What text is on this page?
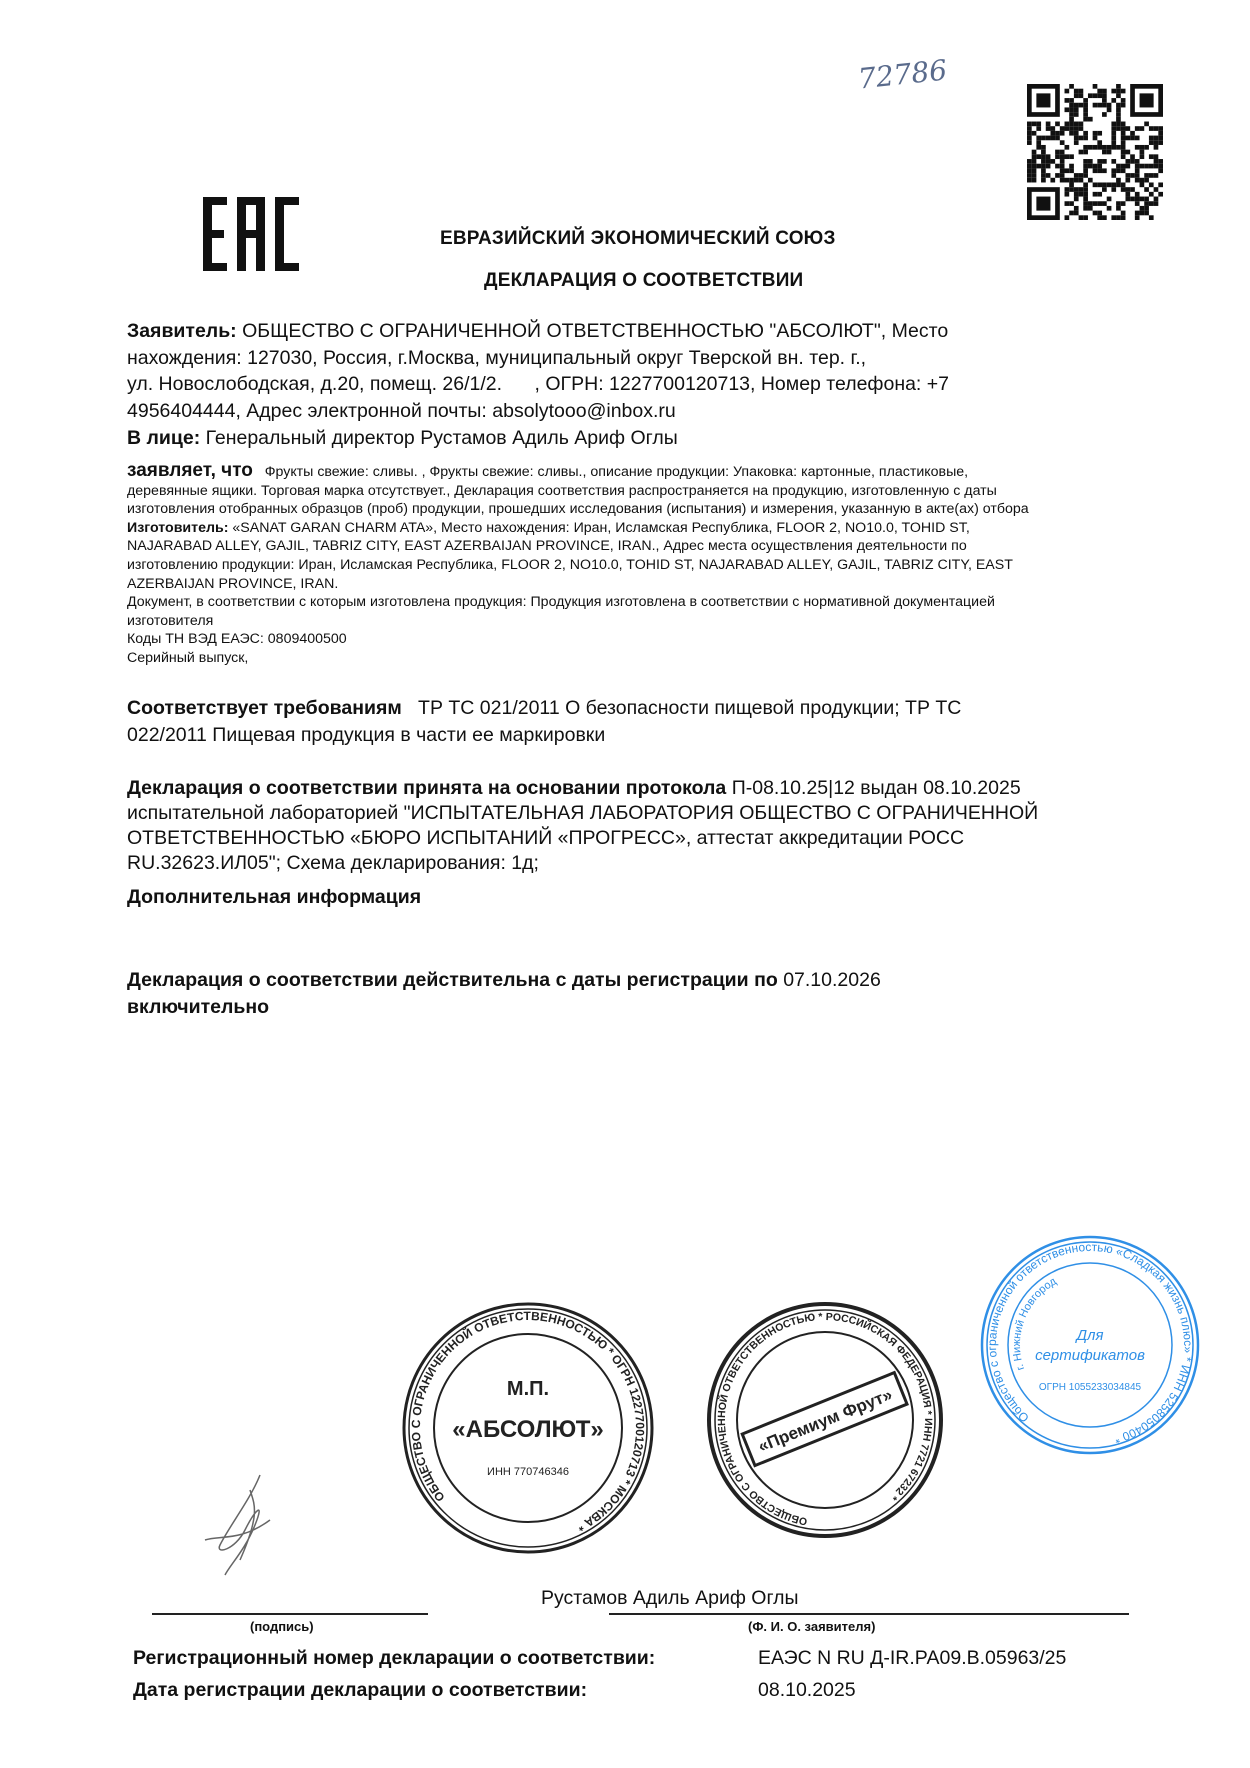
72786
ЕВРАЗИЙСКИЙ ЭКОНОМИЧЕСКИЙ СОЮЗ
ДЕКЛАРАЦИЯ О СООТВЕТСТВИИ
Заявитель: ОБЩЕСТВО С ОГРАНИЧЕННОЙ ОТВЕТСТВЕННОСТЬЮ "АБСОЛЮТ", Место
нахождения: 127030, Россия, г.Москва, муниципальный округ Тверской вн. тер. г.,
ул. Новослободская, д.20, помещ. 26/1/2.      , ОГРН: 1227700120713, Номер телефона: +7
4956404444, Адрес электронной почты: absolytooo@inbox.ru
В лице: Генеральный директор Рустамов Адиль Ариф Оглы
заявляет, что Фрукты свежие: сливы. , Фрукты свежие: сливы., описание продукции: Упаковка: картонные, пластиковые,
деревянные ящики. Торговая марка отсутствует., Декларация соответствия распространяется на продукцию, изготовленную с даты
изготовления отобранных образцов (проб) продукции, прошедших исследования (испытания) и измерения, указанную в акте(ах) отбора
Изготовитель: «SANAT GARAN CHARM ATA», Место нахождения: Иран, Исламская Республика, FLOOR 2, NO10.0, TOHID ST,
NAJARABAD ALLEY, GAJIL, TABRIZ CITY, EAST AZERBAIJAN PROVINCE, IRAN., Адрес места осуществления деятельности по
изготовлению продукции: Иран, Исламская Республика, FLOOR 2, NO10.0, TOHID ST, NAJARABAD ALLEY, GAJIL, TABRIZ CITY, EAST
AZERBAIJAN PROVINCE, IRAN.
Документ, в соответствии с которым изготовлена продукция: Продукция изготовлена в соответствии с нормативной документацией
изготовителя
Коды ТН ВЭД ЕАЭС: 0809400500
Серийный выпуск,
Соответствует требованиям ТР ТС 021/2011 О безопасности пищевой продукции; ТР ТС
022/2011 Пищевая продукция в части ее маркировки
Декларация о соответствии принята на основании протокола П-08.10.25|12 выдан 08.10.2025
испытательной лабораторией "ИСПЫТАТЕЛЬНАЯ ЛАБОРАТОРИЯ ОБЩЕСТВО С ОГРАНИЧЕННОЙ
ОТВЕТСТВЕННОСТЬЮ «БЮРО ИСПЫТАНИЙ «ПРОГРЕСС», аттестат аккредитации РОСС
RU.32623.ИЛ05"; Схема декларирования: 1д;
Дополнительная информация
Декларация о соответствии действительна с даты регистрации по 07.10.2026
включительно
Общество с ограниченной ответственностью «Сладкая жизнь плюс» * ИНН 5258050400 *
г. Нижний Новгород
Для
сертификатов
ОГРН 1055233034845
Рустамов Адиль Ариф Оглы
(подпись)	(Ф. И. О. заявителя)
Регистрационный номер декларации о соответствии:	ЕАЭС N RU Д-IR.РА09.В.05963/25
Дата регистрации декларации о соответствии:	08.10.2025
ОБЩЕСТВО С ОГРАНИЧЕННОЙ ОТВЕТСТВЕННОСТЬЮ * ОГРН 1227700120713 * МОСКВА *
М.П.
«АБСОЛЮТ»
ИНН 770746346
ОБЩЕСТВО С ОГРАНИЧЕННОЙ ОТВЕТСТВЕННОСТЬЮ * РОССИЙСКАЯ ФЕДЕРАЦИЯ * ИНН 7721 67232 *
«Премиум Фрут»
